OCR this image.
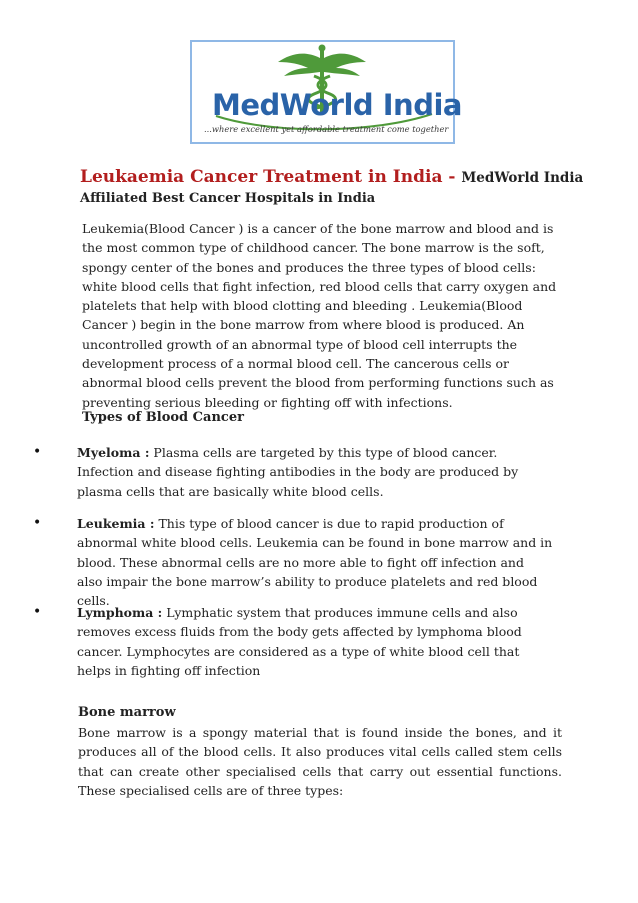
MedWorld India
...where excellent yet affordable treatment come together
Leukaemia Cancer Treatment in India - MedWorld India
Affiliated Best Cancer Hospitals in India

Leukemia(Blood Cancer ) is a cancer of the bone marrow and blood and is the most common type of childhood cancer. The bone marrow is the soft, spongy center of the bones and produces the three types of blood cells: white blood cells that fight infection, red blood cells that carry oxygen and platelets that help with blood clotting and bleeding . Leukemia(Blood Cancer ) begin in the bone marrow from where blood is produced. An uncontrolled growth of an abnormal type of blood cell interrupts the development process of a normal blood cell. The cancerous cells or abnormal blood cells prevent the blood from performing functions such as preventing serious bleeding or fighting off with infections.

Types of Blood Cancer
•	Myeloma : Plasma cells are targeted by this type of blood cancer. Infection and disease fighting antibodies in the body are produced by plasma cells that are basically white blood cells.
•	Leukemia : This type of blood cancer is due to rapid production of abnormal white blood cells. Leukemia can be found in bone marrow and in blood. These abnormal cells are no more able to fight off infection and also impair the bone marrow’s ability to produce platelets and red blood cells.
•	Lymphoma : Lymphatic system that produces immune cells and also removes excess fluids from the body gets affected by lymphoma blood cancer. Lymphocytes are considered as a type of white blood cell that helps in fighting off infection
Bone marrow

Bone marrow is a spongy material that is found inside the bones, and it produces all of the blood cells. It also produces vital cells called stem cells that can create other specialised cells that carry out essential functions. These specialised cells are of three types:
